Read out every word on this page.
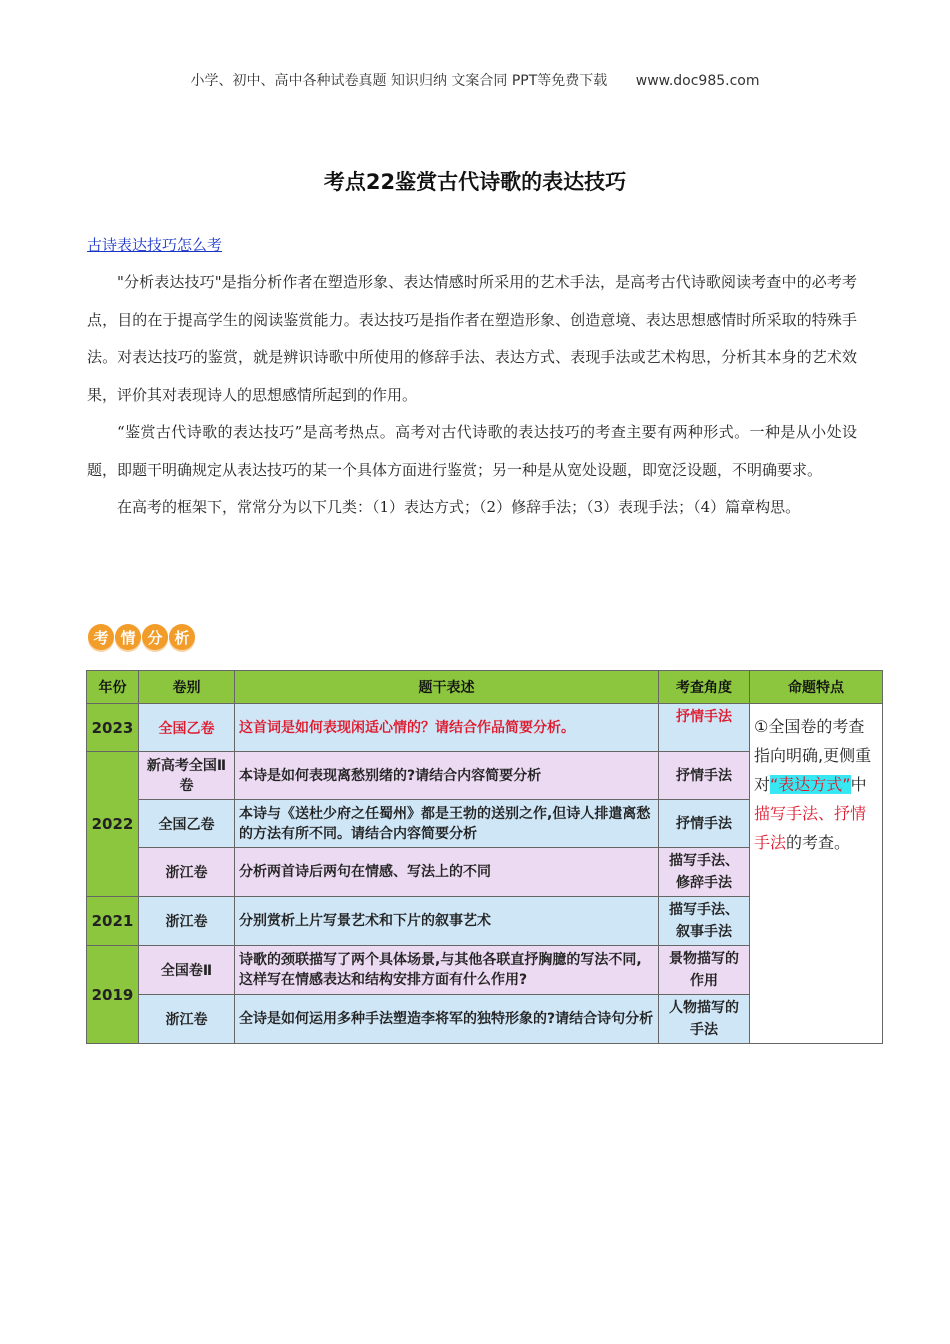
小学、初中、高中各种试卷真题 知识归纳 文案合同 PPT等免费下载 www.doc985.com
考点22鉴赏古代诗歌的表达技巧
古诗表达技巧怎么考

"分析表达技巧"是指分析作者在塑造形象、表达情感时所采用的艺术手法，是高考古代诗歌阅读考查中的必考考点，目的在于提高学生的阅读鉴赏能力。表达技巧是指作者在塑造形象、创造意境、表达思想感情时所采取的特殊手法。对表达技巧的鉴赏，就是辨识诗歌中所使用的修辞手法、表达方式、表现手法或艺术构思，分析其本身的艺术效果，评价其对表现诗人的思想感情所起到的作用。

“鉴赏古代诗歌的表达技巧”是高考热点。高考对古代诗歌的表达技巧的考查主要有两种形式。一种是从小处设题，即题干明确规定从表达技巧的某一个具体方面进行鉴赏；另一种是从宽处设题，即宽泛设题，不明确要求。

在高考的框架下，常常分为以下几类：（1）表达方式；（2）修辞手法；（3）表现手法；（4）篇章构思。

考 情 分 析
年份	卷别	题干表述	考查角度	命题特点
2023	全国乙卷	这首词是如何表现闲适心情的？请结合作品简要分析。	抒情手法	①全国卷的考查指向明确,更侧重对“表达方式”中描写手法、抒情手法的考查。
2022	新高考全国Ⅱ卷	本诗是如何表现离愁别绪的?请结合内容简要分析	抒情手法	
	全国乙卷	本诗与《送杜少府之任蜀州》都是王勃的送别之作,但诗人排遣离愁的方法有所不同。请结合内容简要分析	抒情手法	
	浙江卷	分析两首诗后两句在情感、写法上的不同	描写手法、修辞手法	
2021	浙江卷	分别赏析上片写景艺术和下片的叙事艺术	描写手法、叙事手法	
2019	全国卷Ⅱ	诗歌的颈联描写了两个具体场景,与其他各联直抒胸臆的写法不同,这样写在情感表达和结构安排方面有什么作用?	景物描写的作用	
	浙江卷	全诗是如何运用多种手法塑造李将军的独特形象的?请结合诗句分析	人物描写的手法	
